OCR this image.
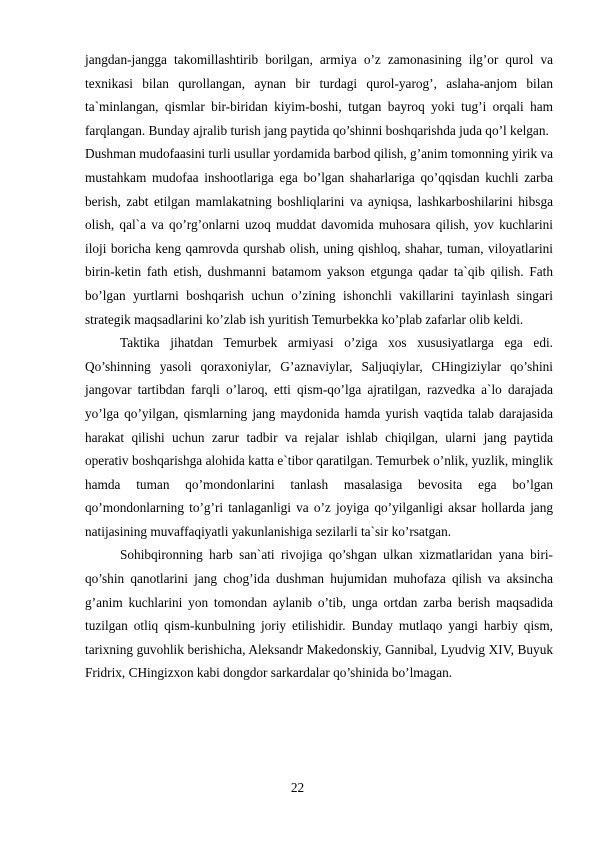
jangdan-jangga takomillashtirib borilgan, armiya o’z zamonasining ilg’or qurol va texnikasi bilan qurollangan, aynan bir turdagi qurol-yarog’, aslaha-anjom bilan ta`minlangan, qismlar bir-biridan kiyim-boshi, tutgan bayroq yoki tug’i orqali ham farqlangan. Bunday ajralib turish jang paytida qo’shinni boshqarishda juda qo’l kelgan.

Dushman mudofaasini turli usullar yordamida barbod qilish, g’anim tomonning yirik va mustahkam mudofaa inshootlariga ega bo’lgan shaharlariga qo’qqisdan kuchli zarba berish, zabt etilgan mamlakatning boshliqlarini va ayniqsa, lashkarboshilarini hibsga olish, qal`a va qo’rg’onlarni uzoq muddat davomida muhosara qilish, yov kuchlarini iloji boricha keng qamrovda qurshab olish, uning qishloq, shahar, tuman, viloyatlarini birin-ketin fath etish, dushmanni batamom yakson etgunga qadar ta`qib qilish. Fath bo’lgan yurtlarni boshqarish uchun o’zining ishonchli vakillarini tayinlash singari strategik maqsadlarini ko’zlab ish yuritish Temurbekka ko’plab zafarlar olib keldi.

Taktika jihatdan Temurbek armiyasi o’ziga xos xususiyatlarga ega edi. Qo’shinning yasoli qoraxoniylar, G’aznaviylar, Saljuqiylar, CHingiziylar qo’shini jangovar tartibdan farqli o’laroq, etti qism-qo’lga ajratilgan, razvedka a`lo darajada yo’lga qo’yilgan, qismlarning jang maydonida hamda yurish vaqtida talab darajasida harakat qilishi uchun zarur tadbir va rejalar ishlab chiqilgan, ularni jang paytida operativ boshqarishga alohida katta e`tibor qaratilgan. Temurbek o’nlik, yuzlik, minglik hamda tuman qo’mondonlarini tanlash masalasiga bevosita ega bo’lgan qo’mondonlarning to’g’ri tanlaganligi va o’z joyiga qo’yilganligi aksar hollarda jang natijasining muvaffaqiyatli yakunlanishiga sezilarli ta`sir ko’rsatgan.

Sohibqironning harb san`ati rivojiga qo’shgan ulkan xizmatlaridan yana biri- qo’shin qanotlarini jang chog’ida dushman hujumidan muhofaza qilish va aksincha g’anim kuchlarini yon tomondan aylanib o’tib, unga ortdan zarba berish maqsadida tuzilgan otliq qism-kunbulning joriy etilishidir. Bunday mutlaqo yangi harbiy qism, tarixning guvohlik berishicha, Aleksandr Makedonskiy, Gannibal, Lyudvig XIV, Buyuk Fridrix, CHingizxon kabi dongdor sarkardalar qo’shinida bo’lmagan.

22
